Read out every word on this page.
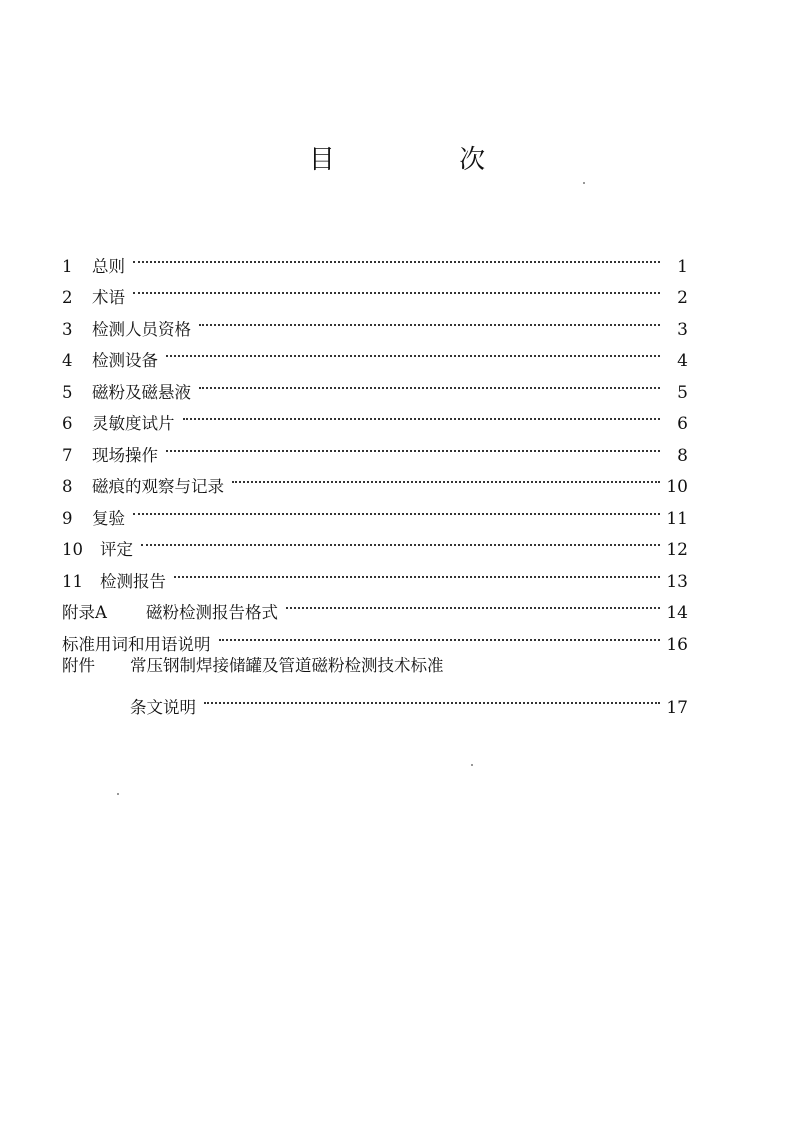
目 次
1	总则	1
2	术语	2
3	检测人员资格	3
4	检测设备	4
5	磁粉及磁悬液	5
6	灵敏度试片	6
7	现场操作	8
8	磁痕的观察与记录	10
9	复验	11
10	评定	12
11	检测报告	13
附录A	磁粉检测报告格式	14
标准用词和用语说明	16
附件	常压钢制焊接储罐及管道磁粉检测技术标准
条文说明	17
